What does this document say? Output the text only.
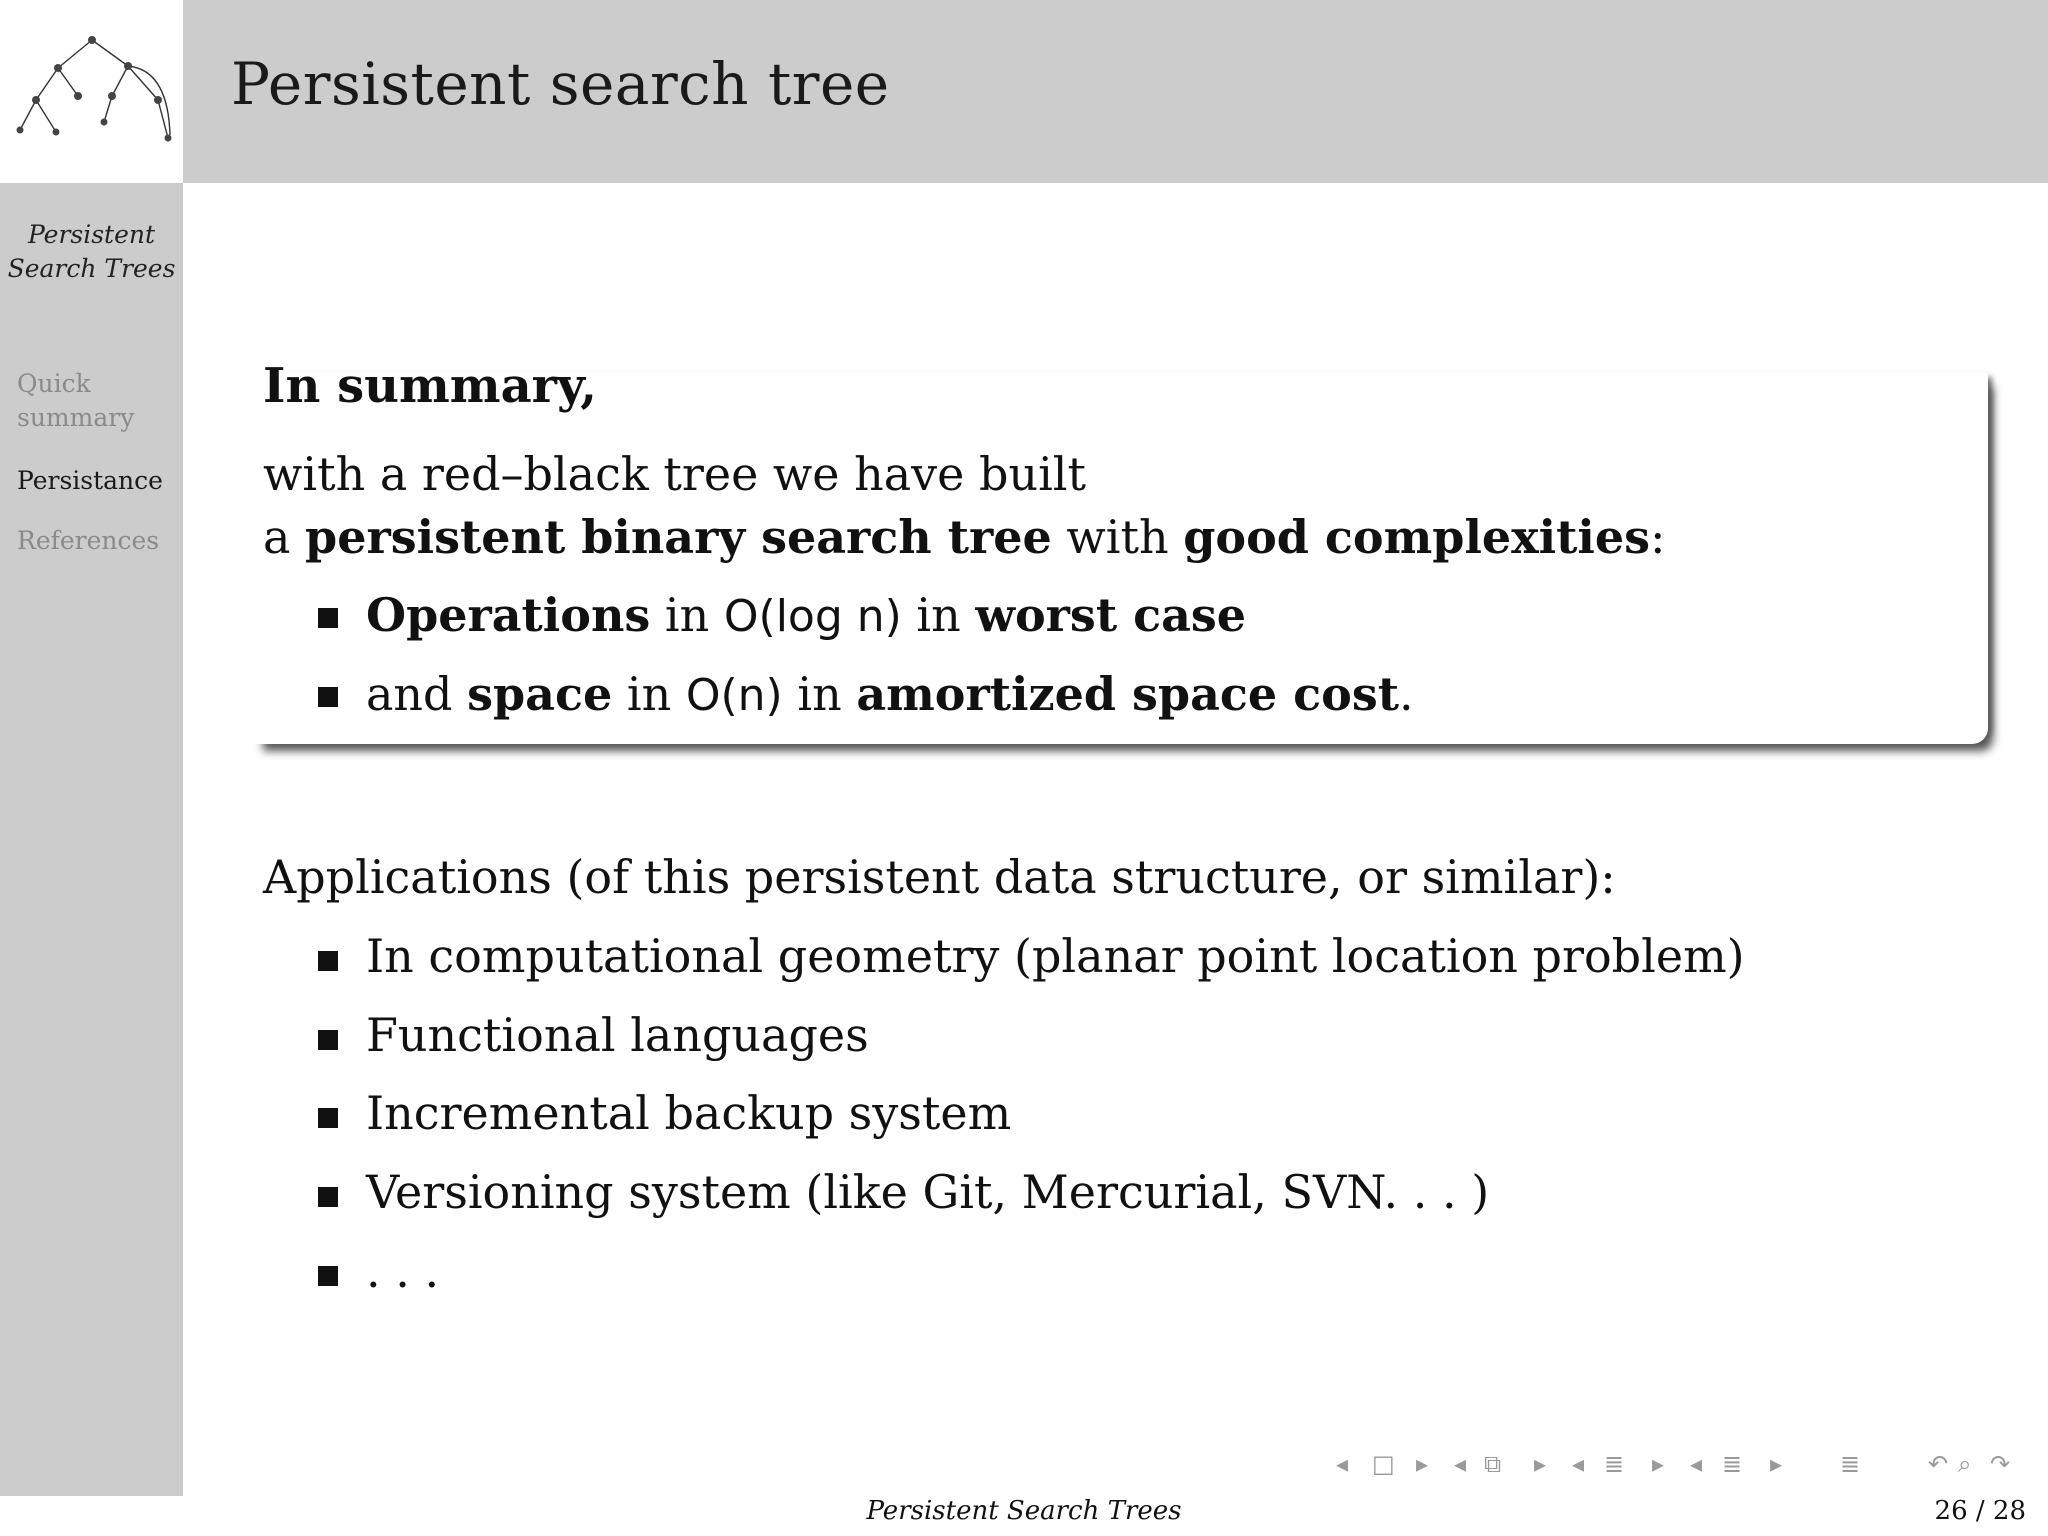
Persistent
Search Trees
Quick
summary
Persistance
References
Persistent search tree
In summary,
with a red–black tree we have built
a persistent binary search tree with good complexities:
Operations in O(log n) in worst case
and space in O(n) in amortized space cost.
Applications (of this persistent data structure, or similar):
In computational geometry (planar point location problem)
Functional languages
Incremental backup system
Versioning system (like Git, Mercurial, SVN. . . )
. . .
◂ □ ▸ ◂ ⧉ ▸ ◂ ≣ ▸ ◂ ≣ ▸ ≣	↶ ⌕ ↷
Persistent Search Trees	26 / 28
